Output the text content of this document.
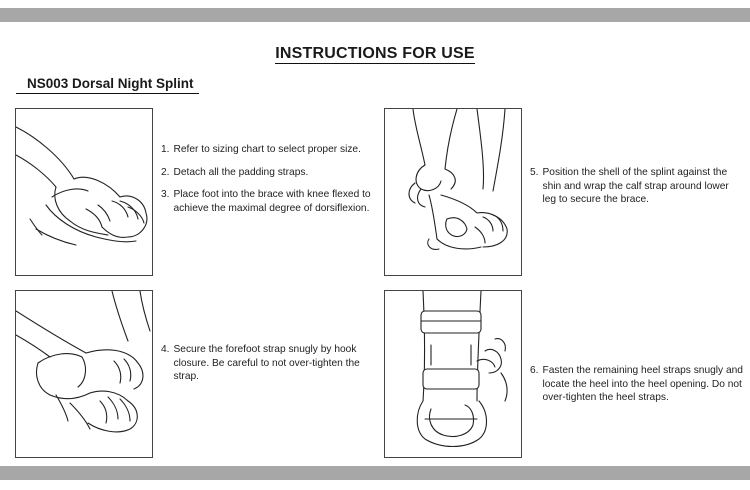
INSTRUCTIONS FOR USE
NS003 Dorsal Night Splint
1. Refer to sizing chart to select proper size.
2. Detach all the padding straps.
3. Place foot into the brace with knee flexed to achieve the maximal degree of dorsiflexion.
5. Position the shell of the splint against the shin and wrap the calf strap around lower leg to secure the brace.
4. Secure the forefoot strap snugly by hook closure. Be careful to not over-tighten the strap.
6. Fasten the remaining heel straps snugly and locate the heel into the heel opening. Do not over-tighten the heel straps.
